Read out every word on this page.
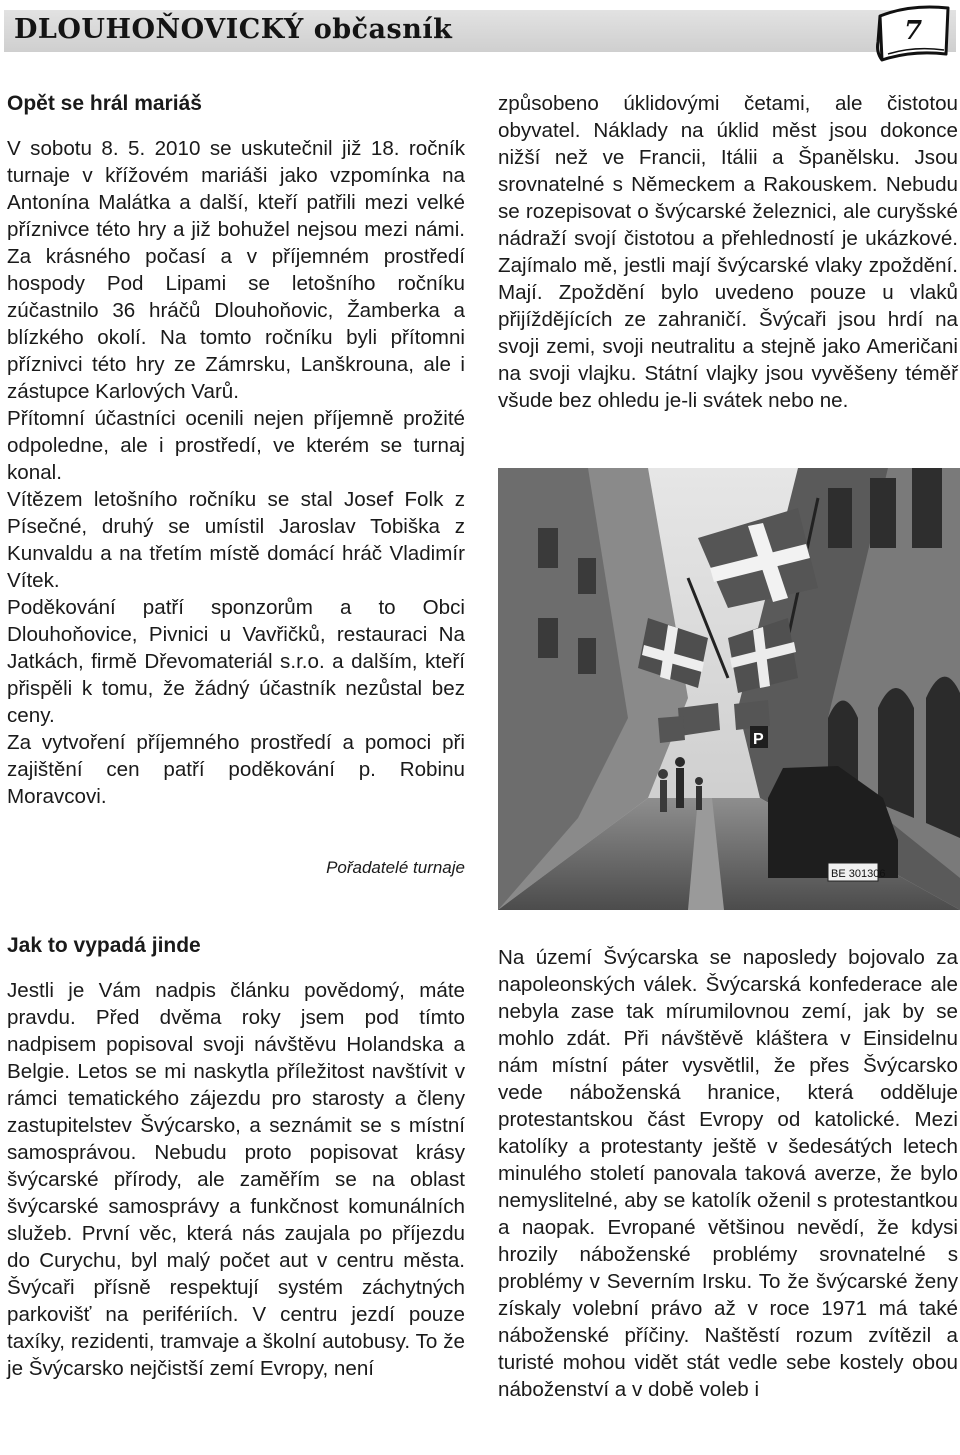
DLOUHOŇOVICKÝ občasník	7
Opět se hrál mariáš

V sobotu 8. 5. 2010 se uskutečnil již 18. ročník turnaje v křížovém mariáši jako vzpomínka na Antonína Malátka a další, kteří patřili mezi velké příznivce této hry a již bohužel nejsou mezi námi. Za krásného počasí a v příjemném prostředí hospody Pod Lipami se letošního ročníku zúčastnilo 36 hráčů Dlouhoňovic, Žamberka a blízkého okolí. Na tomto ročníku byli přítomni příznivci této hry ze Zámrsku, Lanškrouna, ale i zástupce Karlových Varů.

Přítomní účastníci ocenili nejen příjemně prožité odpoledne, ale i prostředí, ve kterém se turnaj konal.

Vítězem letošního ročníku se stal Josef Folk z Písečné, druhý se umístil Jaroslav Tobiška z Kunvaldu a na třetím místě domácí hráč Vladimír Vítek.

Poděkování patří sponzorům a to Obci Dlouhoňovice, Pivnici u Vavřičků, restauraci Na Jatkách, firmě Dřevomateriál s.r.o. a dalším, kteří přispěli k tomu, že žádný účastník nezůstal bez ceny.

Za vytvoření příjemného prostředí a pomoci při zajištění cen patří poděkování p. Robinu Moravcovi.

Pořadatelé turnaje
Jak to vypadá jinde

Jestli je Vám nadpis článku povědomý, máte pravdu. Před dvěma roky jsem pod tímto nadpisem popisoval svoji návštěvu Holandska a Belgie. Letos se mi naskytla příležitost navštívit v rámci tematického zájezdu pro starosty a členy zastupitelstev Švýcarsko, a seznámit se s místní samosprávou. Nebudu proto popisovat krásy švýcarské přírody, ale zaměřím se na oblast švýcarské samosprávy a funkčnost komunálních služeb. První věc, která nás zaujala po příjezdu do Curychu, byl malý počet aut v centru města. Švýcaři přísně respektují systém záchytných parkovišť na perifériích. V centru jezdí pouze taxíky, rezidenti, tramvaje a školní autobusy. To že je Švýcarsko nejčistší zemí Evropy, není

způsobeno úklidovými četami, ale čistotou obyvatel. Náklady na úklid měst jsou dokonce nižší než ve Francii, Itálii a Španělsku. Jsou srovnatelné s Německem a Rakouskem. Nebudu se rozepisovat o švýcarské železnici, ale curyšské nádraží svojí čistotou a přehledností je ukázkové. Zajímalo mě, jestli mají švýcarské vlaky zpoždění. Mají. Zpoždění bylo uvedeno pouze u vlaků přijíždějících ze zahraničí. Švýcaři jsou hrdí na svoji zemi, svoji neutralitu a stejně jako Američani na svoji vlajku. Státní vlajky jsou vyvěšeny téměř všude bez ohledu je-li svátek nebo ne.

P
BE 301306

Na území Švýcarska se naposledy bojovalo za napoleonských válek. Švýcarská konfederace ale nebyla zase tak mírumilovnou zemí, jak by se mohlo zdát. Při návštěvě kláštera v Einsidelnu nám místní páter vysvětlil, že přes Švýcarsko vede náboženská hranice, která odděluje protestantskou část Evropy od katolické. Mezi katolíky a protestanty ještě v šedesátých letech minulého století panovala taková averze, že bylo nemyslitelné, aby se katolík oženil s protestantkou a naopak. Evropané většinou nevědí, že kdysi hrozily náboženské problémy srovnatelné s problémy v Severním Irsku. To že švýcarské ženy získaly volební právo až v roce 1971 má také náboženské příčiny. Naštěstí rozum zvítězil a turisté mohou vidět stát vedle sebe kostely obou náboženství a v době voleb i
